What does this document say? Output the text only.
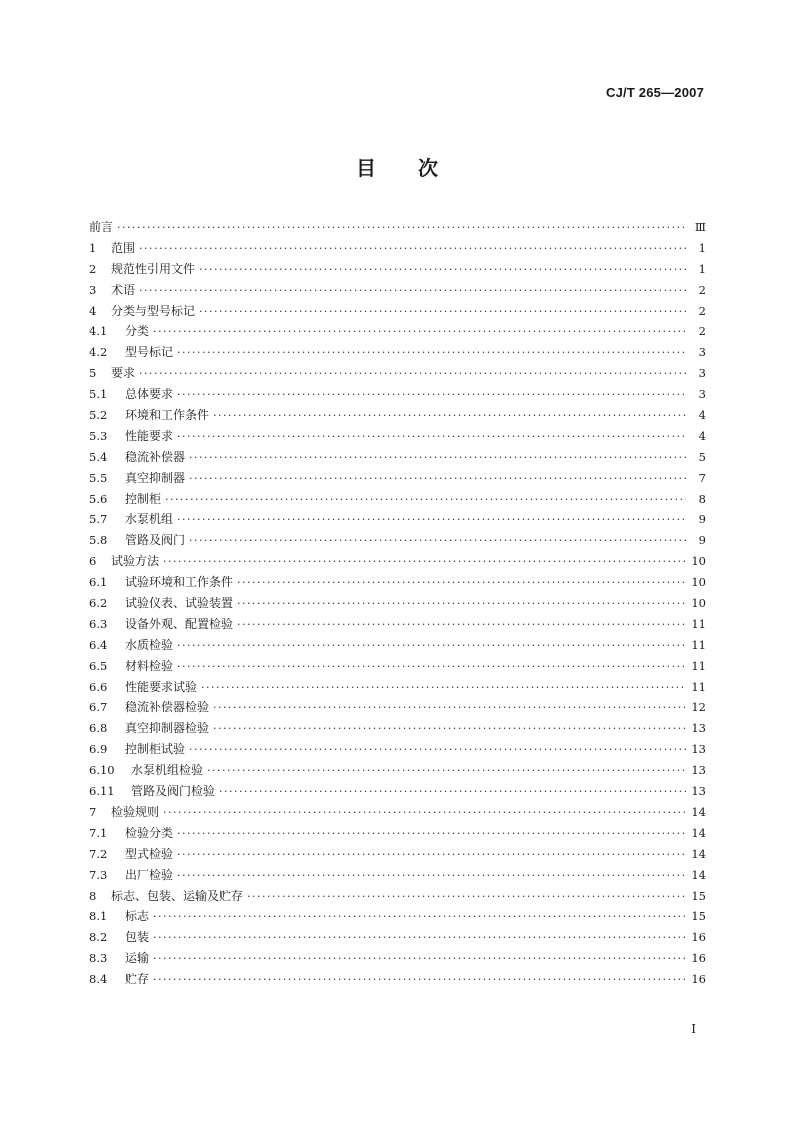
CJ/T 265—2007
目次
前言 ·····	Ⅲ
1	范围 ·····	1
2	规范性引用文件 ·····	1
3	术语 ·····	2
4	分类与型号标记 ·····	2
4.1	分类 ·····	2
4.2	型号标记 ·····	3
5	要求 ·····	3
5.1	总体要求 ·····	3
5.2	环境和工作条件 ·····	4
5.3	性能要求 ·····	4
5.4	稳流补偿器 ·····	5
5.5	真空抑制器 ·····	7
5.6	控制柜 ·····	8
5.7	水泵机组 ·····	9
5.8	管路及阀门 ·····	9
6	试验方法 ·····	10
6.1	试验环境和工作条件 ·····	10
6.2	试验仪表、试验装置 ·····	10
6.3	设备外观、配置检验 ·····	11
6.4	水质检验 ·····	11
6.5	材料检验 ·····	11
6.6	性能要求试验 ·····	11
6.7	稳流补偿器检验 ·····	12
6.8	真空抑制器检验 ·····	13
6.9	控制柜试验 ·····	13
6.10	水泵机组检验 ·····	13
6.11	管路及阀门检验 ·····	13
7	检验规则 ·····	14
7.1	检验分类 ·····	14
7.2	型式检验 ·····	14
7.3	出厂检验 ·····	14
8	标志、包装、运输及贮存 ·····	15
8.1	标志 ·····	15
8.2	包装 ·····	16
8.3	运输 ·····	16
8.4	贮存 ·····	16
I
